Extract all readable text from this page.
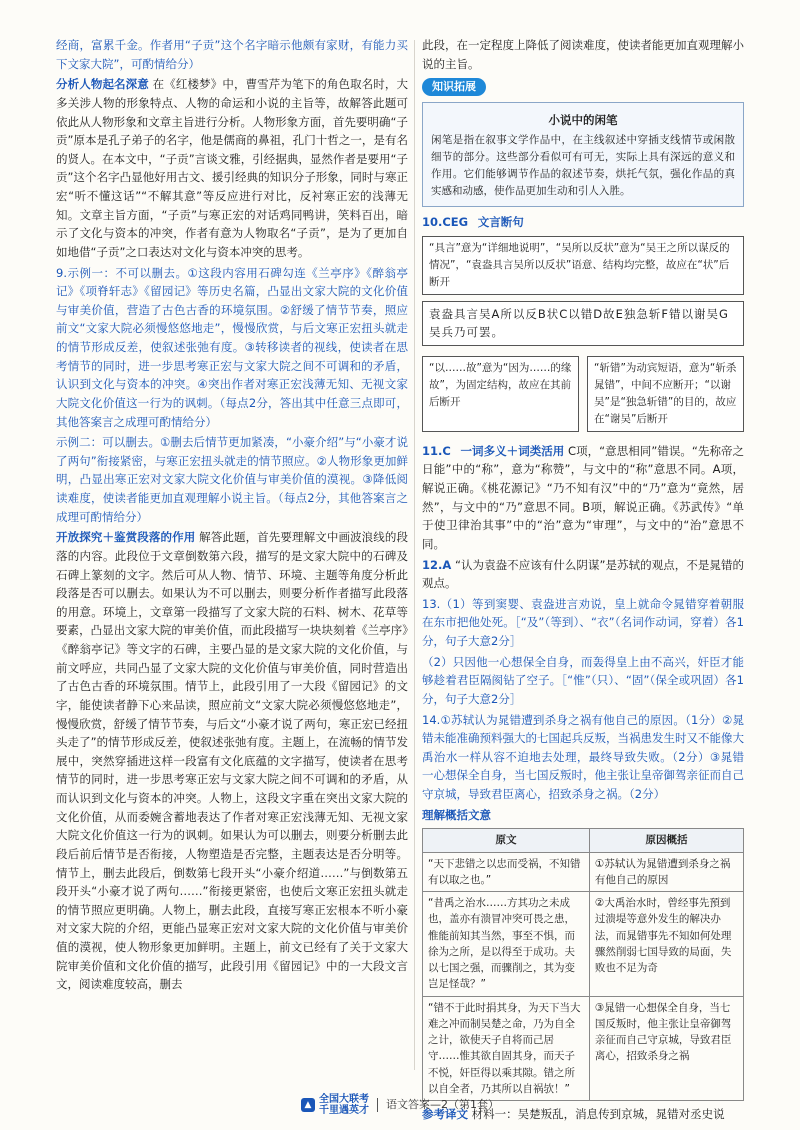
经商，富累千金。作者用“子贡”这个名字暗示他颇有家财，有能力买下文家大院”，可酌情给分）

分析人物起名深意 在《红楼梦》中，曹雪芹为笔下的角色取名时，大多关涉人物的形象特点、人物的命运和小说的主旨等，故解答此题可依此从人物形象和文章主旨进行分析。人物形象方面，首先要明确“子贡”原本是孔子弟子的名字，他是儒商的鼻祖，孔门十哲之一，是有名的贤人。在本文中，“子贡”言谈文雅，引经据典，显然作者是要用“子贡”这个名字凸显他好用古文、援引经典的知识分子形象，同时与寒正宏“听不懂这话”“不解其意”等反应进行对比，反衬寒正宏的浅薄无知。文章主旨方面，“子贡”与寒正宏的对话鸡同鸭讲，笑料百出，暗示了文化与资本的冲突，作者有意为人物取名“子贡”，是为了更加自如地借“子贡”之口表达对文化与资本冲突的思考。

9.示例一：不可以删去。①这段内容用石碑勾连《兰亭序》《醉翁亭记》《项脊轩志》《留园记》等历史名篇，凸显出文家大院的文化价值与审美价值，营造了古色古香的环境氛围。②舒缓了情节节奏，照应前文“文家大院必须慢悠悠地走”，慢慢欣赏，与后文寒正宏扭头就走的情节形成反差，使叙述张弛有度。③转移读者的视线，使读者在思考情节的同时，进一步思考寒正宏与文家大院之间不可调和的矛盾，认识到文化与资本的冲突。④突出作者对寒正宏浅薄无知、无视文家大院文化价值这一行为的讽刺。（每点2分，答出其中任意三点即可，其他答案言之成理可酌情给分）

示例二：可以删去。①删去后情节更加紧凑，“小豪介绍”与“小豪才说了两句”衔接紧密，与寒正宏扭头就走的情节照应。②人物形象更加鲜明，凸显出寒正宏对文家大院文化价值与审美价值的漠视。③降低阅读难度，使读者能更加直观理解小说主旨。（每点2分，其他答案言之成理可酌情给分）

开放探究＋鉴赏段落的作用 解答此题，首先要理解文中画波浪线的段落的内容。此段位于文章倒数第六段，描写的是文家大院中的石碑及石碑上篆刻的文字。然后可从人物、情节、环境、主题等角度分析此段落是否可以删去。如果认为不可以删去，则要分析作者描写此段落的用意。环境上，文章第一段描写了文家大院的石料、树木、花草等要素，凸显出文家大院的审美价值，而此段描写一块块刻着《兰亭序》《醉翁亭记》等文字的石碑，主要凸显的是文家大院的文化价值，与前文呼应，共同凸显了文家大院的文化价值与审美价值，同时营造出了古色古香的环境氛围。情节上，此段引用了一大段《留园记》的文字，能使读者静下心来品读，照应前文“文家大院必须慢悠悠地走”，慢慢欣赏，舒缓了情节节奏，与后文“小豪才说了两句，寒正宏已经扭头走了”的情节形成反差，使叙述张弛有度。主题上，在流畅的情节发展中，突然穿插进这样一段富有文化底蕴的文字描写，使读者在思考情节的同时，进一步思考寒正宏与文家大院之间不可调和的矛盾，从而认识到文化与资本的冲突。人物上，这段文字重在突出文家大院的文化价值，从而委婉含蓄地表达了作者对寒正宏浅薄无知、无视文家大院文化价值这一行为的讽刺。如果认为可以删去，则要分析删去此段后前后情节是否衔接，人物塑造是否完整，主题表达是否分明等。情节上，删去此段后，倒数第七段开头“小豪介绍道……”与倒数第五段开头“小豪才说了两句……”衔接更紧密，也使后文寒正宏扭头就走的情节照应更明确。人物上，删去此段，直接写寒正宏根本不听小豪对文家大院的介绍，更能凸显寒正宏对文家大院的文化价值与审美价值的漠视，使人物形象更加鲜明。主题上，前文已经有了关于文家大院审美价值和文化价值的描写，此段引用《留园记》中的一大段文言文，阅读难度较高，删去

此段，在一定程度上降低了阅读难度，使读者能更加直观理解小说的主旨。

知识拓展
小说中的闲笔

闲笔是指在叙事文学作品中，在主线叙述中穿插支线情节或闲散细节的部分。这些部分看似可有可无，实际上具有深远的意义和作用。它们能够调节作品的叙述节奏，烘托气氛，强化作品的真实感和动感，使作品更加生动和引人入胜。

10.CEG 文言断句

“具言”意为“详细地说明”，“吴所以反状”意为“吴王之所以谋反的情况”，“袁盎具言吴所以反状”语意、结构均完整，故应在“状”后断开
袁盎具言吴A所以反B状C以错D故E独急斩F错以谢吴G吴兵乃可罢。
“以……故”意为“因为……的缘故”，为固定结构，故应在其前后断开
“斩错”为动宾短语，意为“斩杀晁错”，中间不应断开；“以谢吴”是“独急斩错”的目的，故应在“谢吴”后断开

11.C 一词多义＋词类活用 C项，“意思相同”错误。“先称帝之日能”中的“称”，意为“称赞”，与文中的“称”意思不同。A项，解说正确。《桃花源记》“乃不知有汉”中的“乃”意为“竟然，居然”，与文中的“乃”意思不同。B项，解说正确。《苏武传》“单于使卫律治其事”中的“治”意为“审理”，与文中的“治”意思不同。

12.A “认为袁盎不应该有什么阴谋”是苏轼的观点，不是晁错的观点。

13.（1）等到窦婴、袁盎进言劝说，皇上就命令晁错穿着朝服在东市把他处死。［“及”（等到）、“衣”（名词作动词，穿着）各1分，句子大意2分］

（2）只因他一心想保全自身，而轰得皇上由不高兴，奸臣才能够趁着君臣隔阂钻了空子。［“惟”（只）、“固”（保全或巩固）各1分，句子大意2分］

14.①苏轼认为晁错遭到杀身之祸有他自己的原因。（1分）②晁错未能准确预料强大的七国起兵反叛，当祸患发生时又不能像大禹治水一样从容不迫地去处理，最终导致失败。（2分）③晁错一心想保全自身，当七国反叛时，他主张让皇帝御驾亲征而自己守京城，导致君臣离心，招致杀身之祸。（2分）

理解概括文意

原文	原因概括
“天下悲错之以忠而受祸，不知错有以取之也。”	①苏轼认为晁错遭到杀身之祸有他自己的原因
“昔禹之治水……方其功之未成也，盖亦有溃冒冲突可畏之患，惟能前知其当然，事至不惧，而徐为之所，是以得至于成功。夫以七国之强，而骤削之，其为变岂足怪哉？”	②大禹治水时，曾经事先預到过溃堤等意外发生的解决办法，而晁错事先不知如何处理骤然削弱七国导致的局面，失败也不足为奇
“错不于此时捐其身，为天下当大难之冲而制吴楚之命，乃为自全之计，欲使天子自将而己居守……惟其欲自固其身，而天子不悦，奸臣得以乘其隙。错之所以自全者，乃其所以自祸欤！”	③晁错一心想保全自身，当七国反叛时，他主张让皇帝御驾亲征而自己守京城，导致君臣离心，招致杀身之祸

参考译文 材料一：吴楚叛乱，消息传到京城，晁错对丞史说

▲ 全国大联考
千里遇英才 语文答案—2（第1套）
